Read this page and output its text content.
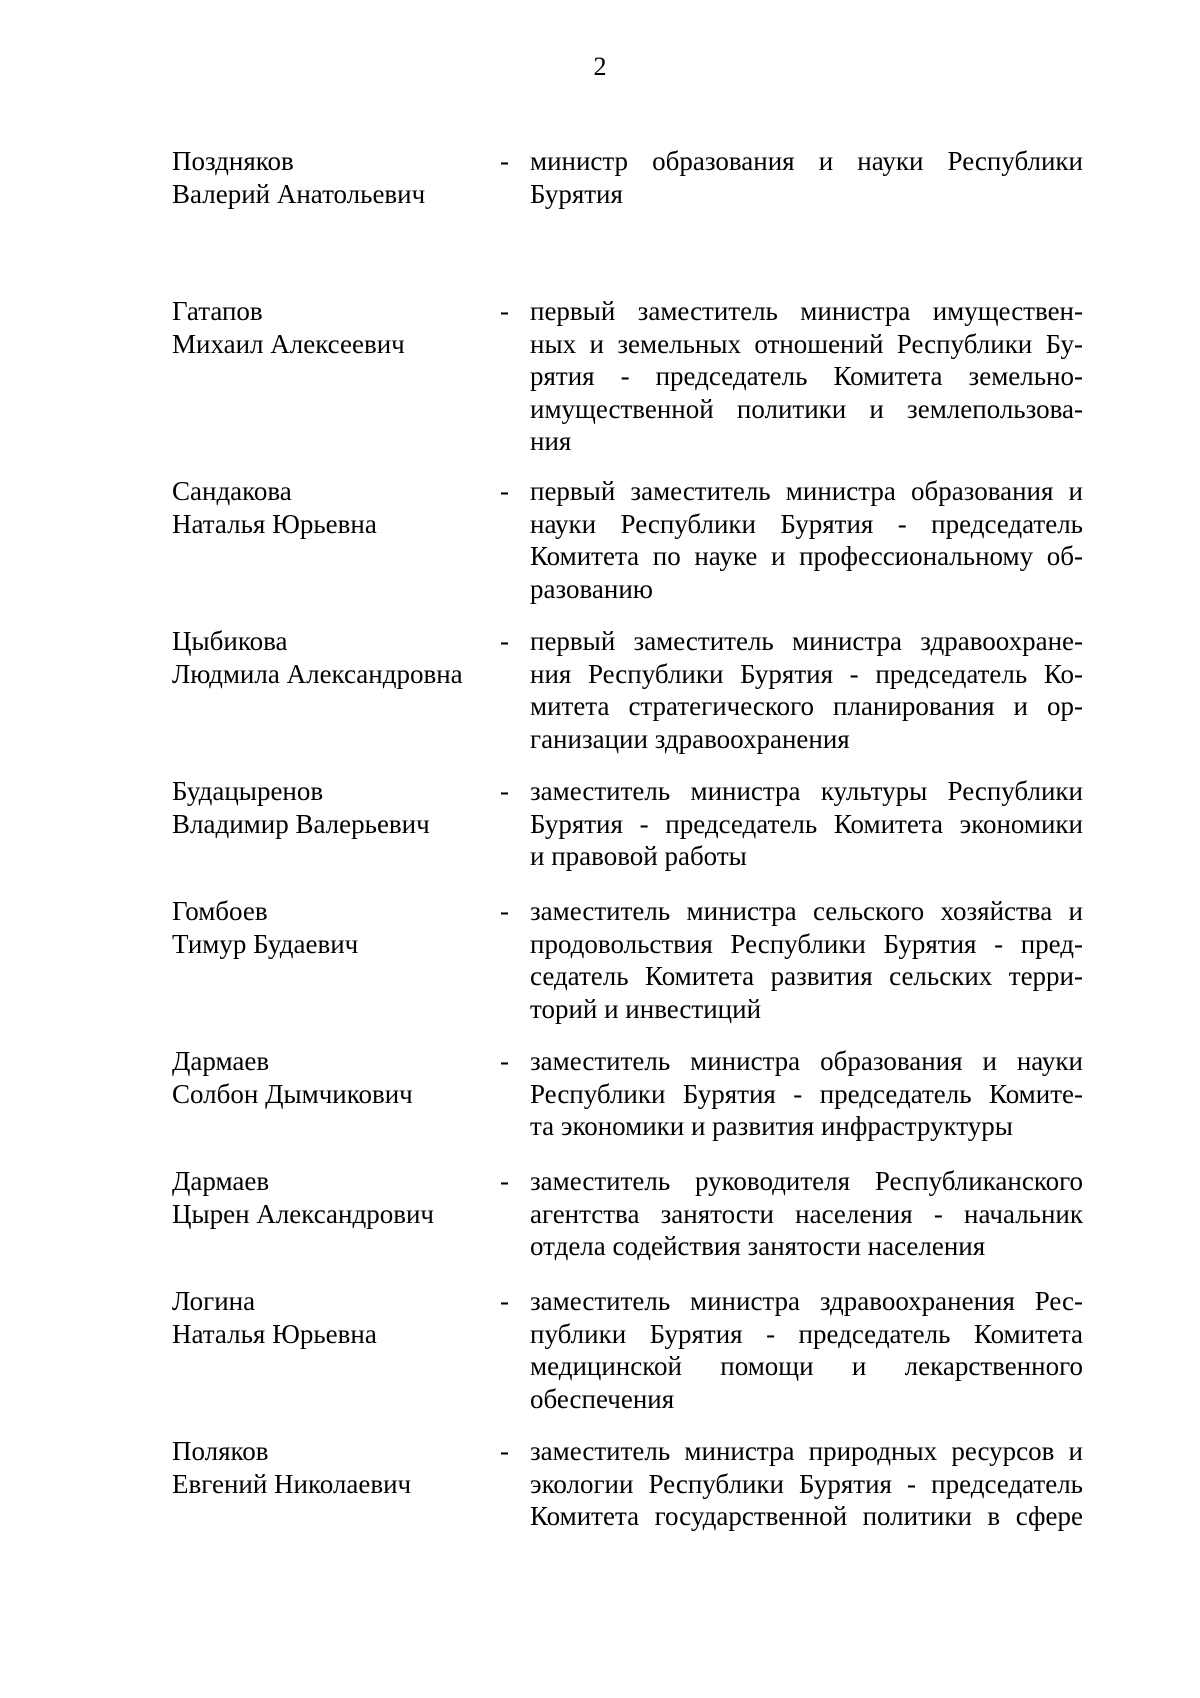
2
Поздняков
Валерий Анатольевич
- министр образования и науки Республики
Бурятия
Гатапов
Михаил Алексеевич
- первый заместитель министра имуществен-
ных и земельных отношений Республики Бу-
рятия - председатель Комитета земельно-
имущественной политики и землепользова-
ния
Сандакова
Наталья Юрьевна
- первый заместитель министра образования и
науки Республики Бурятия - председатель
Комитета по науке и профессиональному об-
разованию
Цыбикова
Людмила Александровна
- первый заместитель министра здравоохране-
ния Республики Бурятия - председатель Ко-
митета стратегического планирования и ор-
ганизации здравоохранения
Будацыренов
Владимир Валерьевич
- заместитель министра культуры Республики
Бурятия - председатель Комитета экономики
и правовой работы
Гомбоев
Тимур Будаевич
- заместитель министра сельского хозяйства и
продовольствия Республики Бурятия - пред-
седатель Комитета развития сельских терри-
торий и инвестиций
Дармаев
Солбон Дымчикович
- заместитель министра образования и науки
Республики Бурятия - председатель Комите-
та экономики и развития инфраструктуры
Дармаев
Цырен Александрович
- заместитель руководителя Республиканского
агентства занятости населения - начальник
отдела содействия занятости населения
Логина
Наталья Юрьевна
- заместитель министра здравоохранения Рес-
публики Бурятия - председатель Комитета
медицинской помощи и лекарственного
обеспечения
Поляков
Евгений Николаевич
- заместитель министра природных ресурсов и
экологии Республики Бурятия - председатель
Комитета государственной политики в сфере
